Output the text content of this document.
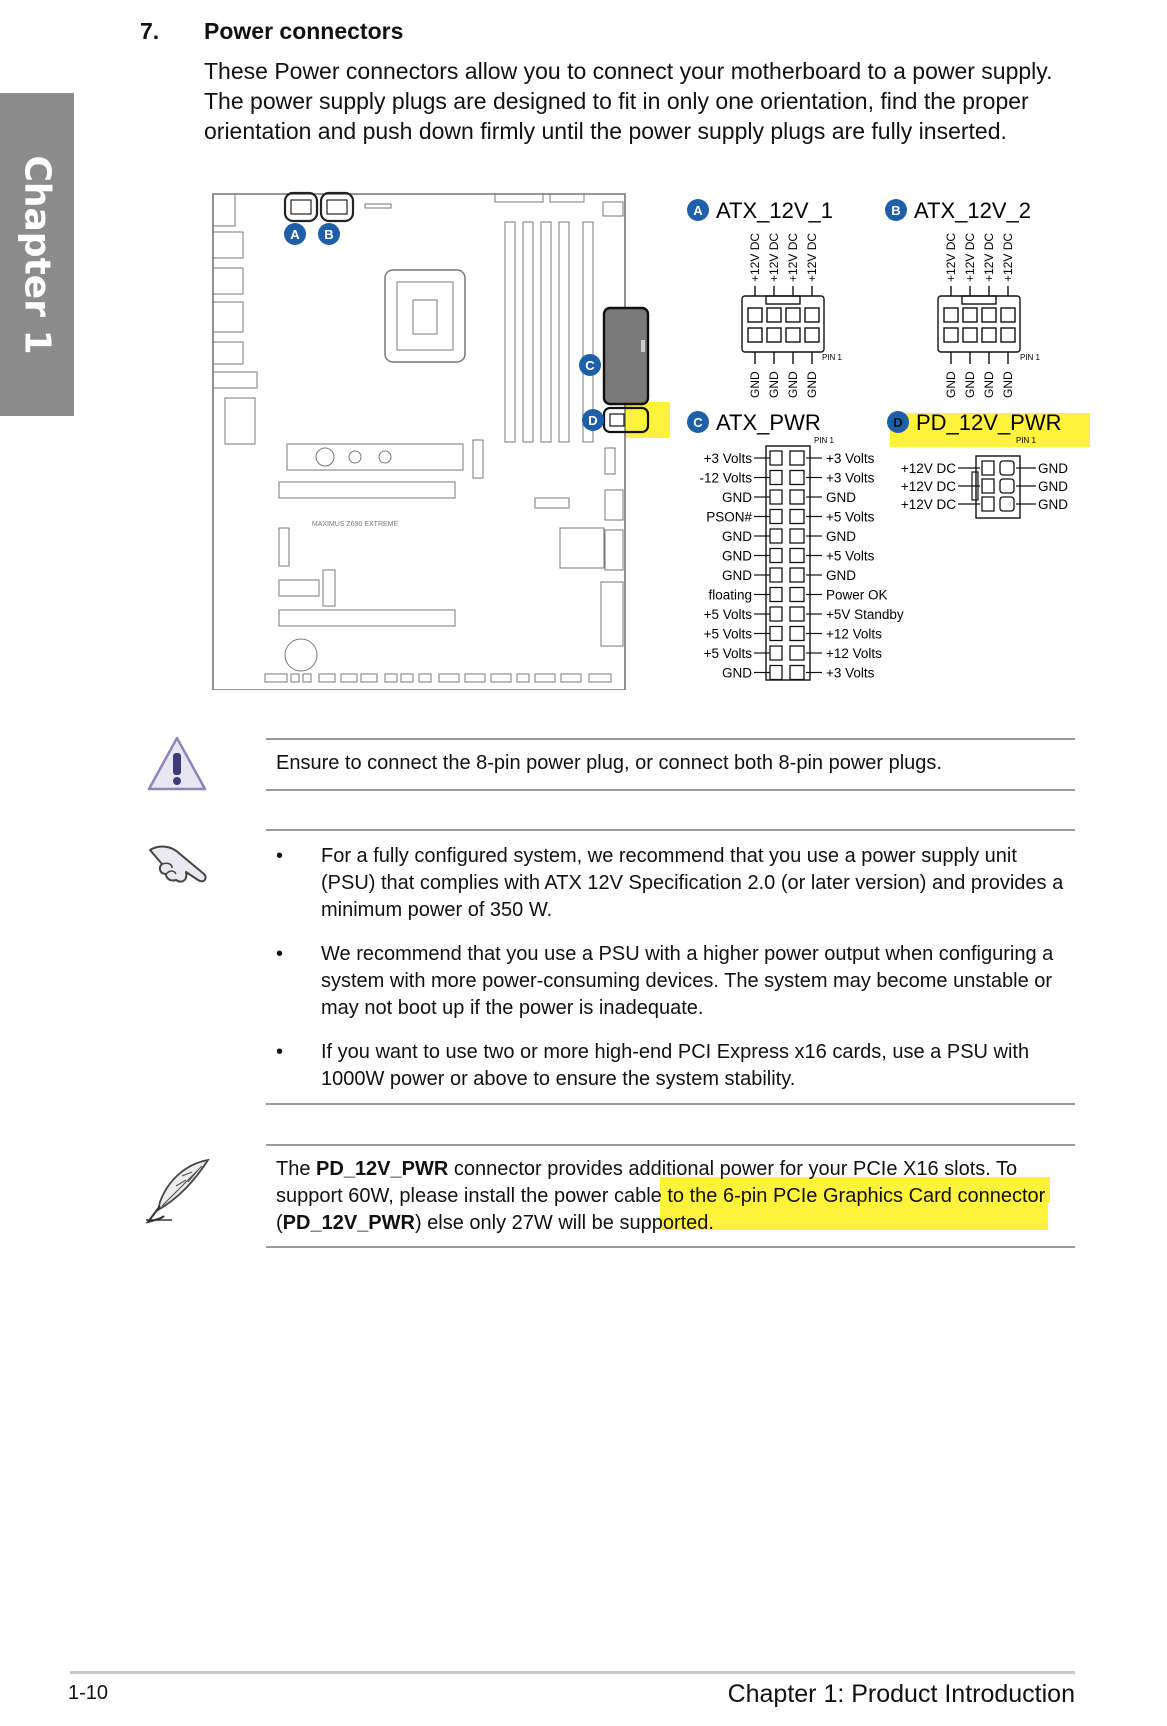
Chapter 1
7. Power connectors

These Power connectors allow you to connect your motherboard to a power supply.

The power supply plugs are designed to fit in only one orientation, find the proper

orientation and push down firmly until the power supply plugs are fully inserted.

A B
C
D
MAXIMUS Z690 EXTREME
A ATX_12V_1
+12V DC +12V DC +12V DC +12V DC
GND GND GND GND
PIN 1
B ATX_12V_2
+12V DC +12V DC +12V DC +12V DC
GND GND GND GND
PIN 1
C ATX_PWR
PIN 1
+3 Volts	+3 Volts
-12 Volts	+3 Volts
GND	GND
PSON#	+5 Volts
GND	GND
GND	+5 Volts
GND	GND
floating	Power OK
+5 Volts	+5V Standby
+5 Volts	+12 Volts
+5 Volts	+12 Volts
GND	+3 Volts
D PD_12V_PWR
PIN 1
+12V DC	GND
+12V DC	GND
+12V DC	GND
Ensure to connect the 8-pin power plug, or connect both 8-pin power plugs.
• For a fully configured system, we recommend that you use a power supply unit (PSU) that complies with ATX 12V Specification 2.0 (or later version) and provides a minimum power of 350 W.
• We recommend that you use a PSU with a higher power output when configuring a system with more power-consuming devices. The system may become unstable or may not boot up if the power is inadequate.
• If you want to use two or more high-end PCI Express x16 cards, use a PSU with 1000W power or above to ensure the system stability.
The PD_12V_PWR connector provides additional power for your PCIe X16 slots. To support 60W, please install the power cable to the 6-pin PCIe Graphics Card connector (PD_12V_PWR) else only 27W will be supported.
1-10	Chapter 1: Product Introduction
